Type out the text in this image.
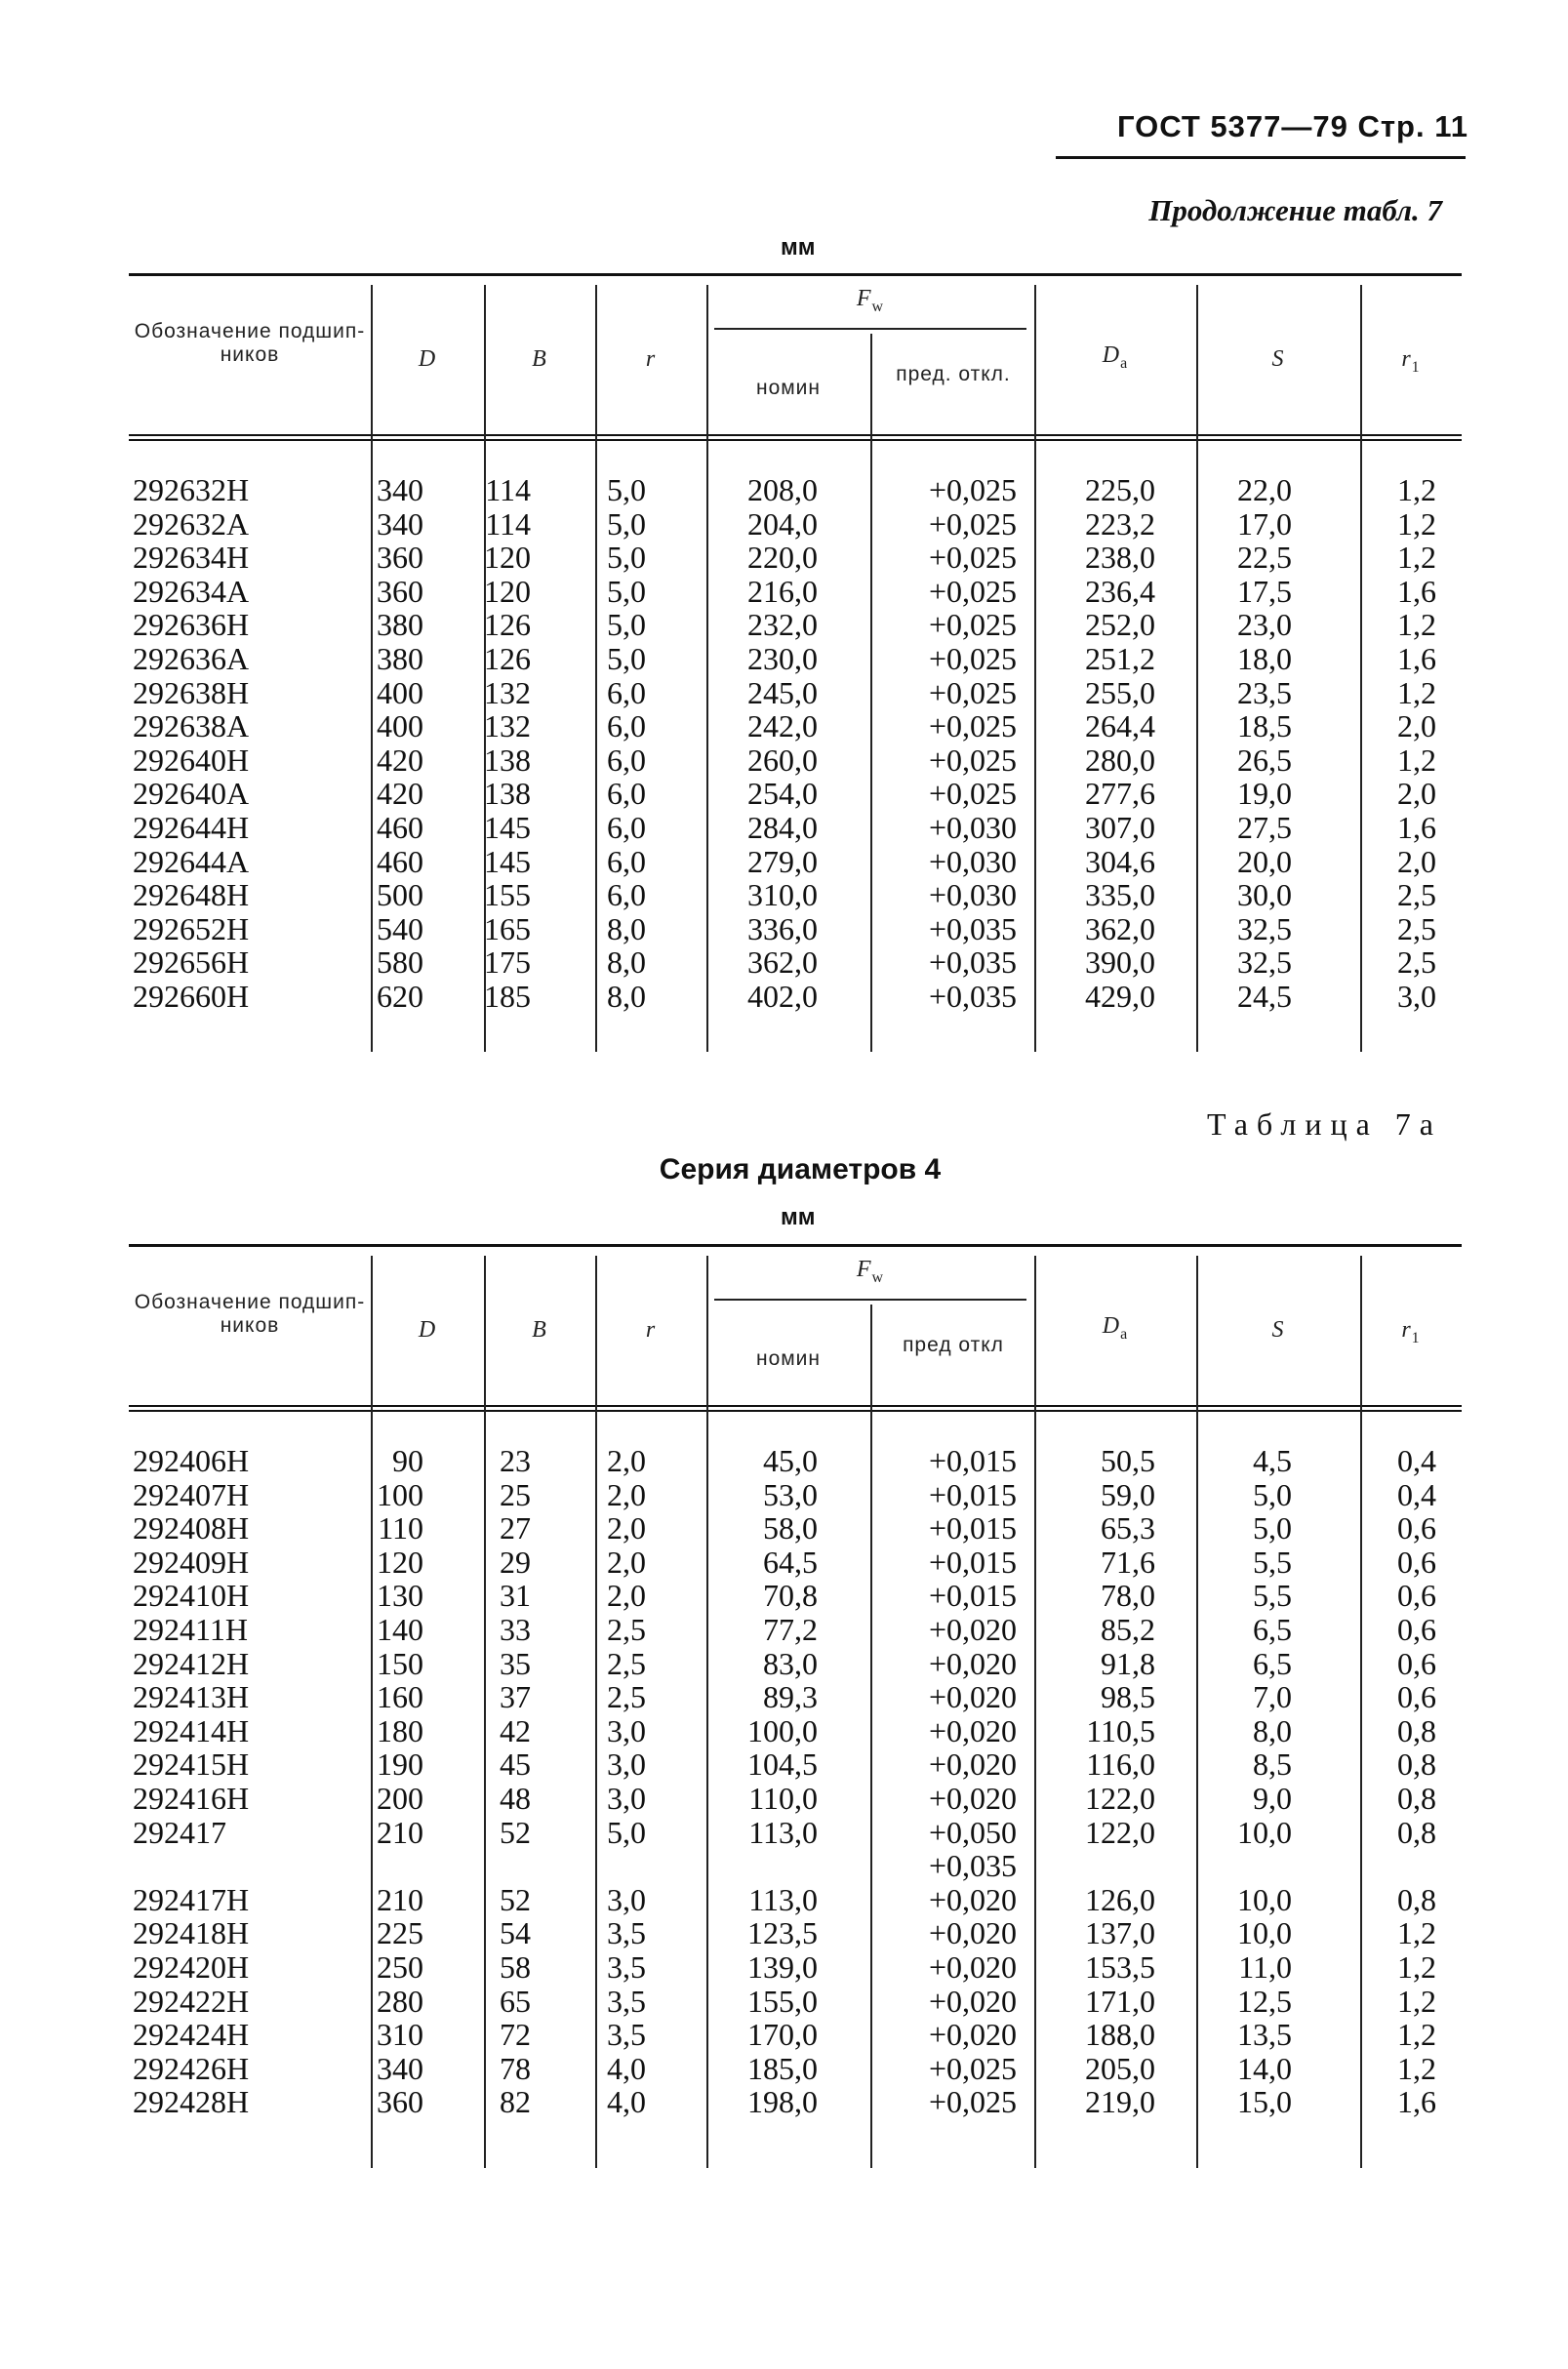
ГОСТ 5377—79 Стр. 11
Продолжение табл. 7
мм
Обозначение подшип- ников	D	B	r
$F_w$
номин
пред. откл.
$D_a$	S	$r_1$
292632H	340 114	5,0	208,0	+0,025	225,0	22,0	1,2
292632A	340 114	5,0	204,0	+0,025	223,2	17,0	1,2
292634H	360 120	5,0	220,0	+0,025	238,0	22,5	1,2
292634A	360 120	5,0	216,0	+0,025	236,4	17,5	1,6
292636H	380 126	5,0	232,0	+0,025	252,0	23,0	1,2
292636A	380 126	5,0	230,0	+0,025	251,2	18,0	1,6
292638H	400 132	6,0	245,0	+0,025	255,0	23,5	1,2
292638A	400 132	6,0	242,0	+0,025	264,4	18,5	2,0
292640H	420 138	6,0	260,0	+0,025	280,0	26,5	1,2
292640A	420 138	6,0	254,0	+0,025	277,6	19,0	2,0
292644H	460 145	6,0	284,0	+0,030	307,0	27,5	1,6
292644A	460 145	6,0	279,0	+0,030	304,6	20,0	2,0
292648H	500 155	6,0	310,0	+0,030	335,0	30,0	2,5
292652H	540 165	8,0	336,0	+0,035	362,0	32,5	2,5
292656H	580 175	8,0	362,0	+0,035	390,0	32,5	2,5
292660H	620 185	8,0	402,0	+0,035	429,0	24,5	3,0
Таблица 7а
Серия диаметров 4
мм
Обозначение подшип- ников	D	B	r
$F_w$
номин
пред откл
$D_a$	S	$r_1$
292406H	90	23	2,0	45,0	+0,015	50,5	4,5	0,4
292407H	100	25	2,0	53,0	+0,015	59,0	5,0	0,4
292408H	110	27	2,0	58,0	+0,015	65,3	5,0	0,6
292409H	120	29	2,0	64,5	+0,015	71,6	5,5	0,6
292410H	130	31	2,0	70,8	+0,015	78,0	5,5	0,6
292411H	140	33	2,5	77,2	+0,020	85,2	6,5	0,6
292412H	150	35	2,5	83,0	+0,020	91,8	6,5	0,6
292413H	160	37	2,5	89,3	+0,020	98,5	7,0	0,6
292414H	180	42	3,0	100,0	+0,020	110,5	8,0	0,8
292415H	190	45	3,0	104,5	+0,020	116,0	8,5	0,8
292416H	200	48	3,0	110,0	+0,020	122,0	9,0	0,8
292417	210	52	5,0	113,0	+0,050	122,0	10,0	0,8
+0,035
292417H	210	52	3,0	113,0	+0,020	126,0	10,0	0,8
292418H	225	54	3,5	123,5	+0,020	137,0	10,0	1,2
292420H	250	58	3,5	139,0	+0,020	153,5	11,0	1,2
292422H	280	65	3,5	155,0	+0,020	171,0	12,5	1,2
292424H	310	72	3,5	170,0	+0,020	188,0	13,5	1,2
292426H	340	78	4,0	185,0	+0,025	205,0	14,0	1,2
292428H	360	82	4,0	198,0	+0,025	219,0	15,0	1,6
